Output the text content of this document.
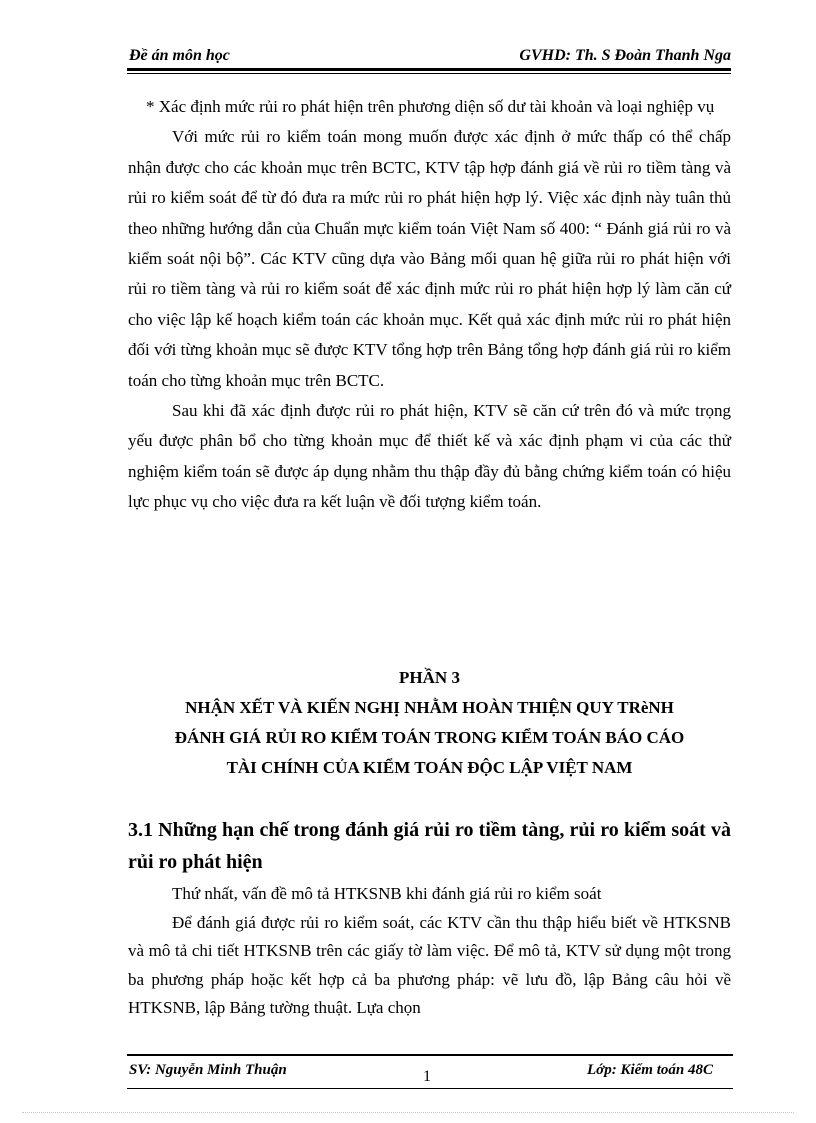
Đề án môn học	GVHD: Th. S Đoàn Thanh Nga

* Xác định mức rủi ro phát hiện trên phương diện số dư tài khoản và loại nghiệp vụ

Với mức rủi ro kiểm toán mong muốn được xác định ở mức thấp có thể chấp nhận được cho các khoản mục trên BCTC, KTV tập hợp đánh giá về rủi ro tiềm tàng và rủi ro kiểm soát để từ đó đưa ra mức rủi ro phát hiện hợp lý. Việc xác định này tuân thủ theo những hướng dẫn của Chuẩn mực kiểm toán Việt Nam số 400: “ Đánh giá rủi ro và kiểm soát nội bộ”. Các KTV cũng dựa vào Bảng mối quan hệ giữa rủi ro phát hiện với rủi ro tiềm tàng và rủi ro kiểm soát để xác định mức rủi ro phát hiện hợp lý làm căn cứ cho việc lập kế hoạch kiểm toán các khoản mục. Kết quả xác định mức rủi ro phát hiện đối với từng khoản mục sẽ được KTV tổng hợp trên Bảng tổng hợp đánh giá rủi ro kiểm toán cho từng khoản mục trên BCTC.

Sau khi đã xác định được rủi ro phát hiện, KTV sẽ căn cứ trên đó và mức trọng yếu được phân bổ cho từng khoản mục để thiết kế và xác định phạm vi của các thử nghiệm kiểm toán sẽ được áp dụng nhằm thu thập đầy đủ bằng chứng kiểm toán có hiệu lực phục vụ cho việc đưa ra kết luận về đối tượng kiểm toán.

PHẦN 3
NHẬN XẾT VÀ KIẾN NGHỊ NHẰM HOÀN THIỆN QUY TRèNH
ĐÁNH GIÁ RỦI RO KIỂM TOÁN TRONG KIỂM TOÁN BÁO CÁO
TÀI CHÍNH CỦA KIỂM TOÁN ĐỘC LẬP VIỆT NAM
3.1 Những hạn chế trong đánh giá rủi ro tiềm tàng, rủi ro kiểm soát và rủi ro phát hiện

Thứ nhất, vấn đề mô tả HTKSNB khi đánh giá rủi ro kiểm soát

Để đánh giá được rủi ro kiểm soát, các KTV cần thu thập hiểu biết về HTKSNB và mô tả chi tiết HTKSNB trên các giấy tờ làm việc. Để mô tả, KTV sử dụng một trong ba phương pháp hoặc kết hợp cả ba phương pháp: vẽ lưu đồ, lập Bảng câu hỏi về HTKSNB, lập Bảng tường thuật. Lựa chọn

SV: Nguyễn Minh Thuận	1	Lớp: Kiểm toán 48C
